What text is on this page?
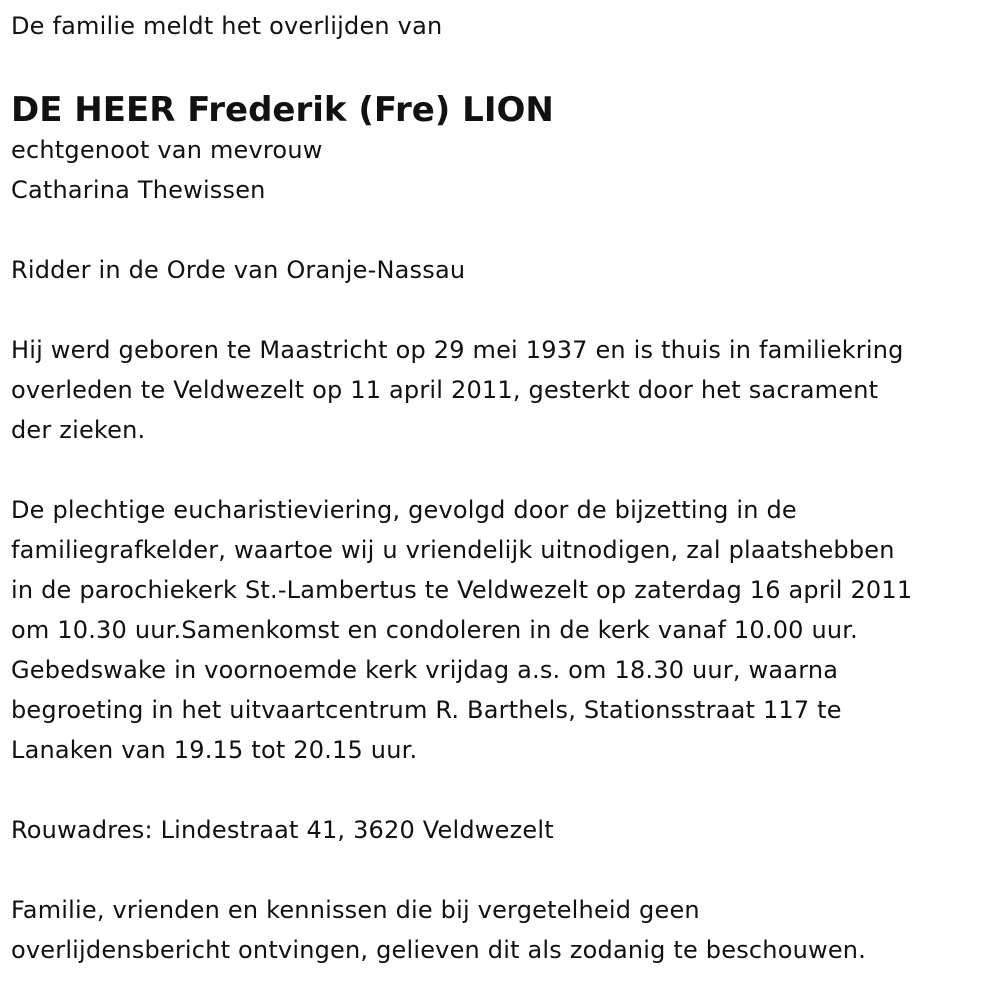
De familie meldt het overlijden van
DE HEER Frederik (Fre) LION
echtgenoot van mevrouw
Catharina Thewissen
Ridder in de Orde van Oranje-Nassau
Hij werd geboren te Maastricht op 29 mei 1937 en is thuis in familiekring
overleden te Veldwezelt op 11 april 2011, gesterkt door het sacrament
der zieken.
De plechtige eucharistieviering, gevolgd door de bijzetting in de
familiegrafkelder, waartoe wij u vriendelijk uitnodigen, zal plaatshebben
in de parochiekerk St.-Lambertus te Veldwezelt op zaterdag 16 april 2011
om 10.30 uur.Samenkomst en condoleren in de kerk vanaf 10.00 uur.
Gebedswake in voornoemde kerk vrijdag a.s. om 18.30 uur, waarna
begroeting in het uitvaartcentrum R. Barthels, Stationsstraat 117 te
Lanaken van 19.15 tot 20.15 uur.
Rouwadres: Lindestraat 41, 3620 Veldwezelt
Familie, vrienden en kennissen die bij vergetelheid geen
overlijdensbericht ontvingen, gelieven dit als zodanig te beschouwen.
